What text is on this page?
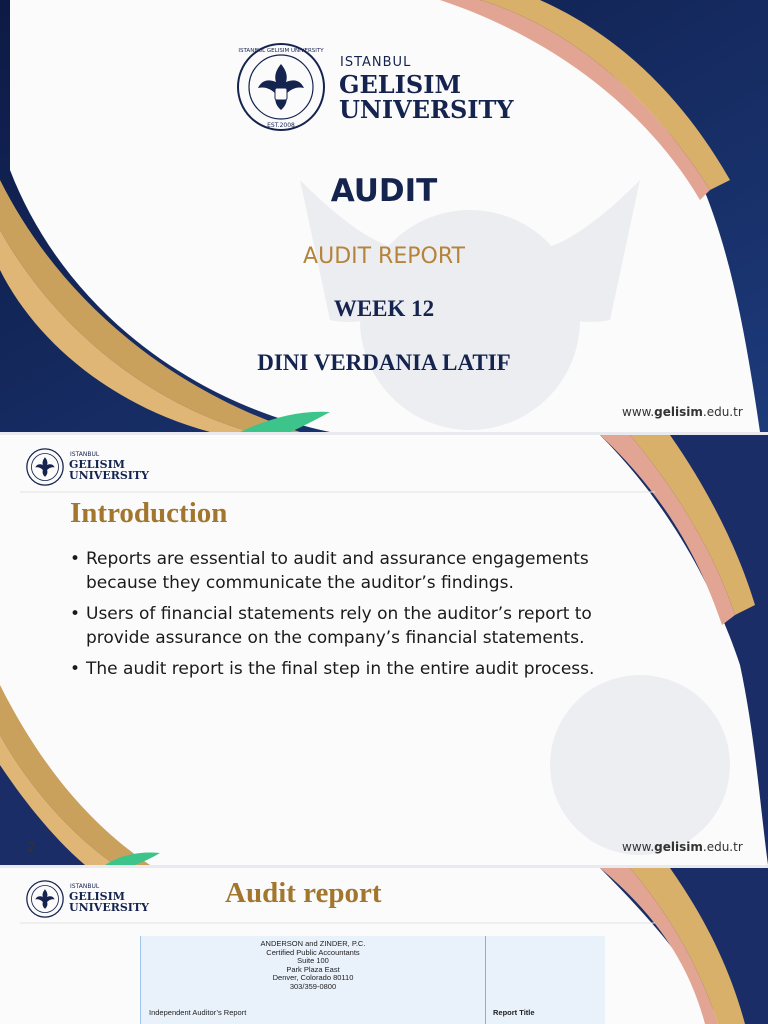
ISTANBUL GELISIM UNIVERSITY
EST.2008
ISTANBUL
GELISIM
UNIVERSITY
AUDIT
AUDIT REPORT
WEEK 12
DINI VERDANIA LATIF
www.gelisim.edu.tr
ISTANBUL
GELISIM
UNIVERSITY
Introduction
• Reports are essential to audit and assurance engagements because they communicate the auditor’s findings.
• Users of financial statements rely on the auditor’s report to provide assurance on the company’s financial statements.
• The audit report is the final step in the entire audit process.
2	www.gelisim.edu.tr
ISTANBUL
GELISIM
UNIVERSITY	Audit report
ANDERSON and ZINDER, P.C.
Certified Public Accountants
Suite 100
Park Plaza East
Denver, Colorado 80110
303/359-0800
Independent Auditor’s Report	Report Title
